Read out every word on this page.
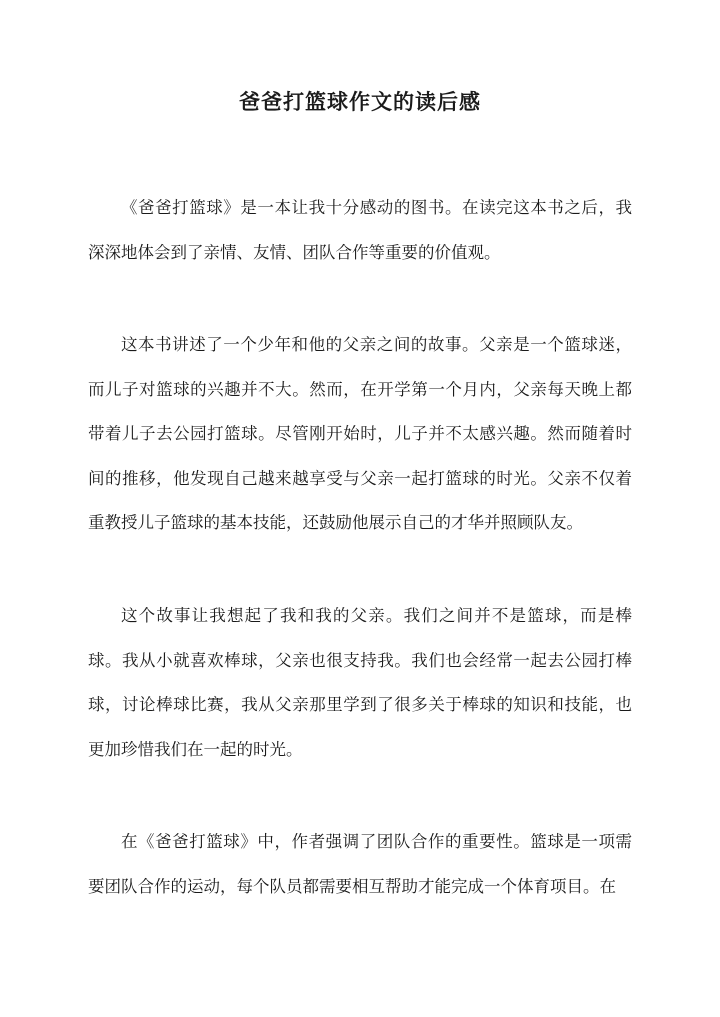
爸爸打篮球作文的读后感

《爸爸打篮球》是一本让我十分感动的图书。在读完这本书之后，我深深地体会到了亲情、友情、团队合作等重要的价值观。

这本书讲述了一个少年和他的父亲之间的故事。父亲是一个篮球迷，而儿子对篮球的兴趣并不大。然而，在开学第一个月内，父亲每天晚上都带着儿子去公园打篮球。尽管刚开始时，儿子并不太感兴趣。然而随着时间的推移，他发现自己越来越享受与父亲一起打篮球的时光。父亲不仅着重教授儿子篮球的基本技能，还鼓励他展示自己的才华并照顾队友。

这个故事让我想起了我和我的父亲。我们之间并不是篮球，而是棒球。我从小就喜欢棒球，父亲也很支持我。我们也会经常一起去公园打棒球，讨论棒球比赛，我从父亲那里学到了很多关于棒球的知识和技能，也更加珍惜我们在一起的时光。

在《爸爸打篮球》中，作者强调了团队合作的重要性。篮球是一项需要团队合作的运动，每个队员都需要相互帮助才能完成一个体育项目。在
